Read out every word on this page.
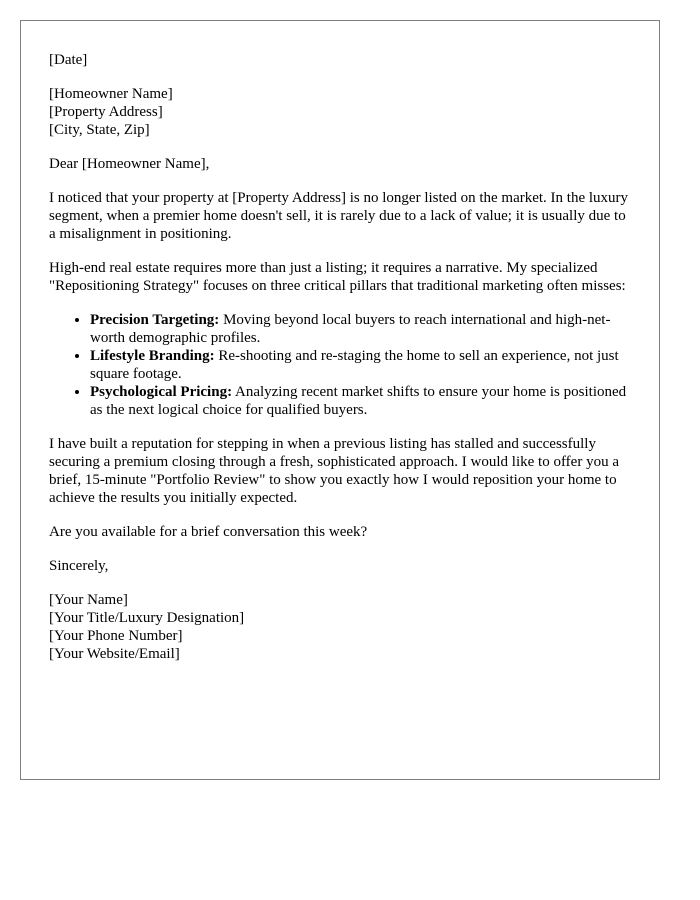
[Date]
[Homeowner Name]
[Property Address]
[City, State, Zip]

Dear [Homeowner Name],

I noticed that your property at [Property Address] is no longer listed on the market. In the luxury segment, when a premier home doesn't sell, it is rarely due to a lack of value; it is usually due to a misalignment in positioning.

High-end real estate requires more than just a listing; it requires a narrative. My specialized "Repositioning Strategy" focuses on three critical pillars that traditional marketing often misses:

• Precision Targeting: Moving beyond local buyers to reach international and high-net-worth demographic profiles.
• Lifestyle Branding: Re-shooting and re-staging the home to sell an experience, not just square footage.
• Psychological Pricing: Analyzing recent market shifts to ensure your home is positioned as the next logical choice for qualified buyers.

I have built a reputation for stepping in when a previous listing has stalled and successfully securing a premium closing through a fresh, sophisticated approach. I would like to offer you a brief, 15-minute "Portfolio Review" to show you exactly how I would reposition your home to achieve the results you initially expected.

Are you available for a brief conversation this week?

Sincerely,

[Your Name]
[Your Title/Luxury Designation]
[Your Phone Number]
[Your Website/Email]
